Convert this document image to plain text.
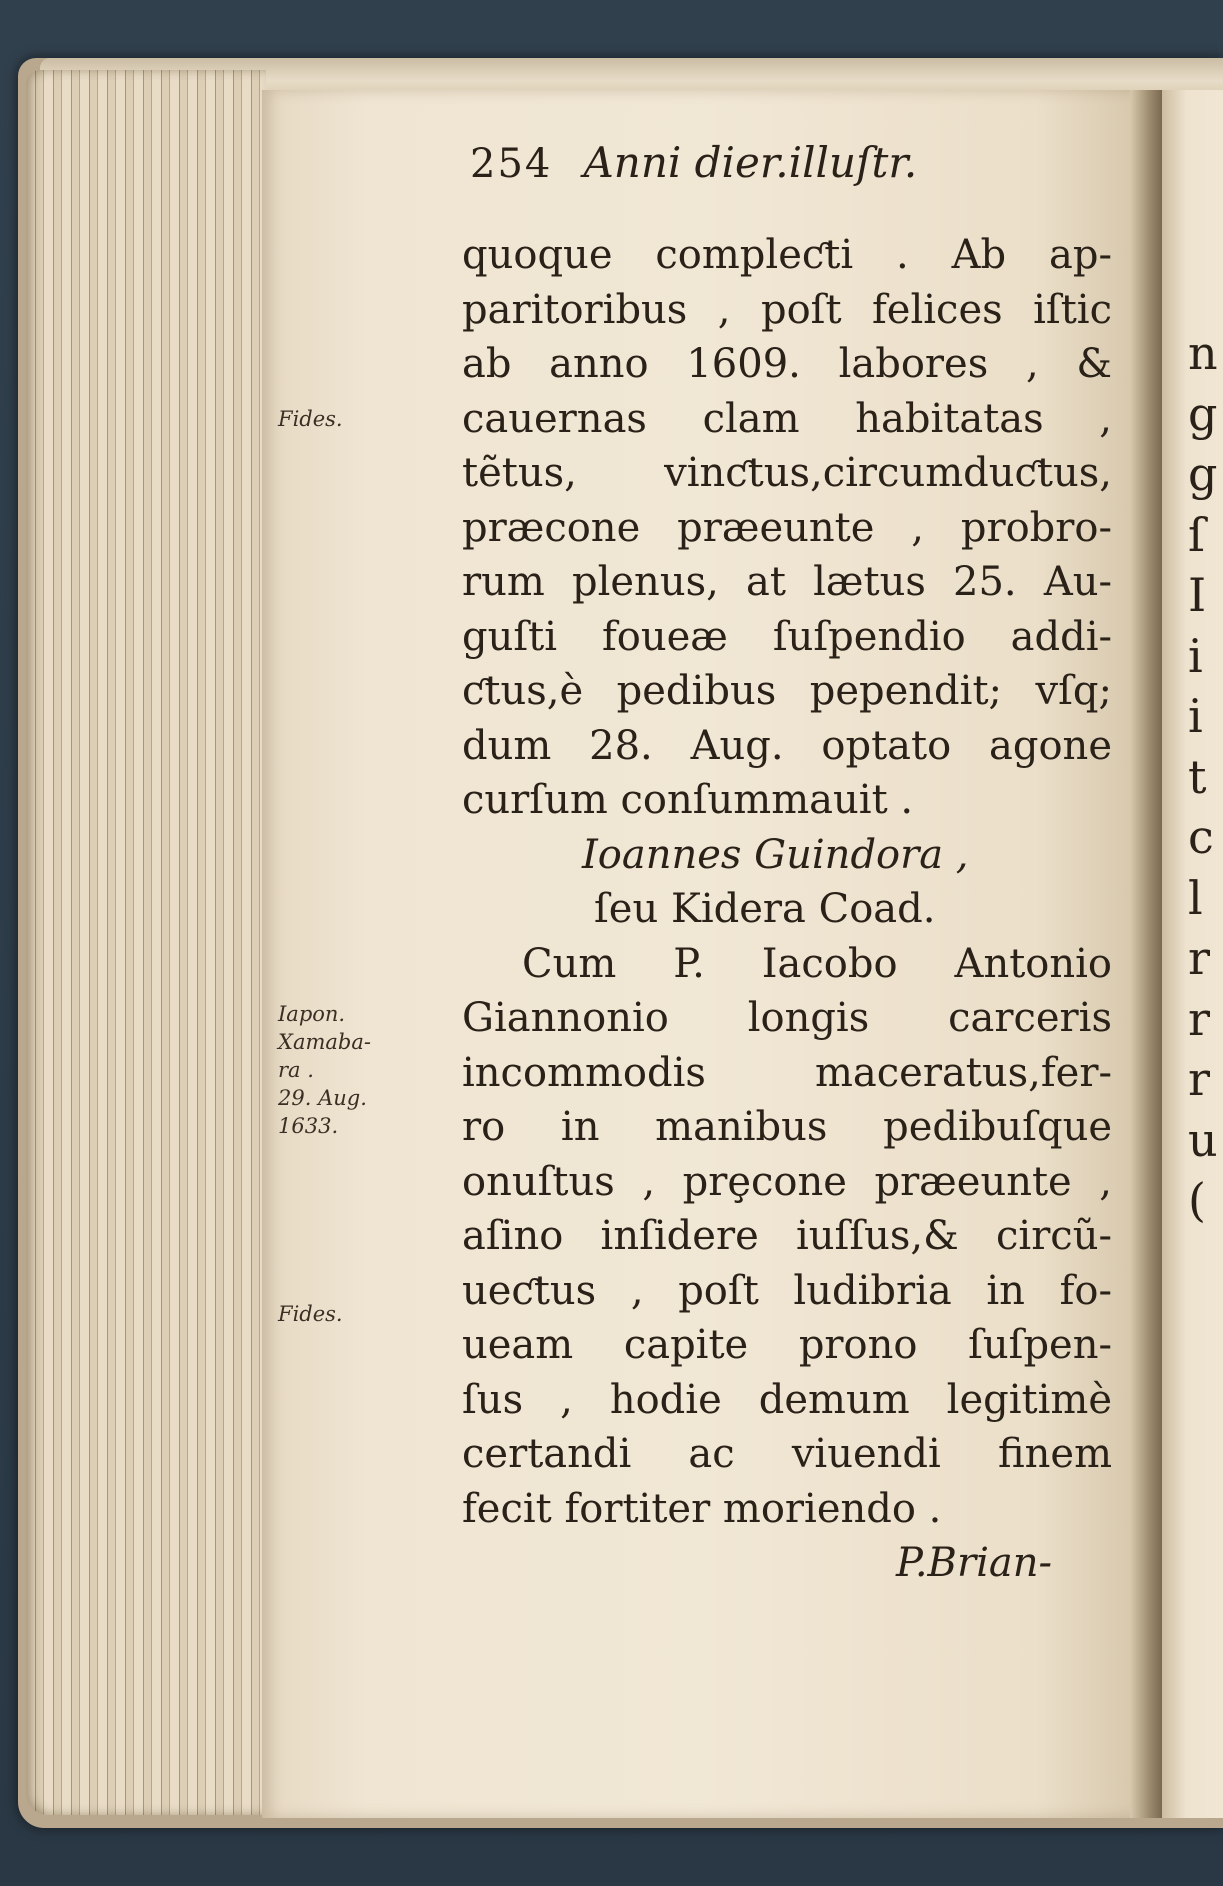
n
g
g
ſ
I
i
i
t
c
l
r
r
r
u
(
254 Anni dier.illuſtr.
Fides.
Iapon.
Xamaba-
ra .
29. Aug.
1633.
Fides.
quoque compleƈti . Ab ap-
paritoribus , poſt felices iſtic
ab anno 1609. labores , &
cauernas clam habitatas ,
tẽtus, vinƈtus,circumduƈtus,
præcone præeunte , probro-
rum plenus, at lætus 25. Au-
guſti foueæ ſuſpendio addi-
ƈtus,è pedibus pependit; vſq;
dum 28. Aug. optato agone
curſum conſummauit .
Ioannes Guindora ,
ſeu Kidera Coad.
Cum P. Iacobo Antonio
Giannonio longis carceris
incommodis maceratus,fer-
ro in manibus pedibuſque
onuſtus , prȩcone præeunte ,
aſino inſidere iuſſus,& circũ-
ueƈtus , poſt ludibria in fo-
ueam capite prono ſuſpen-
ſus , hodie demum legitimè
certandi ac viuendi finem
fecit fortiter moriendo .
P.Brian-
